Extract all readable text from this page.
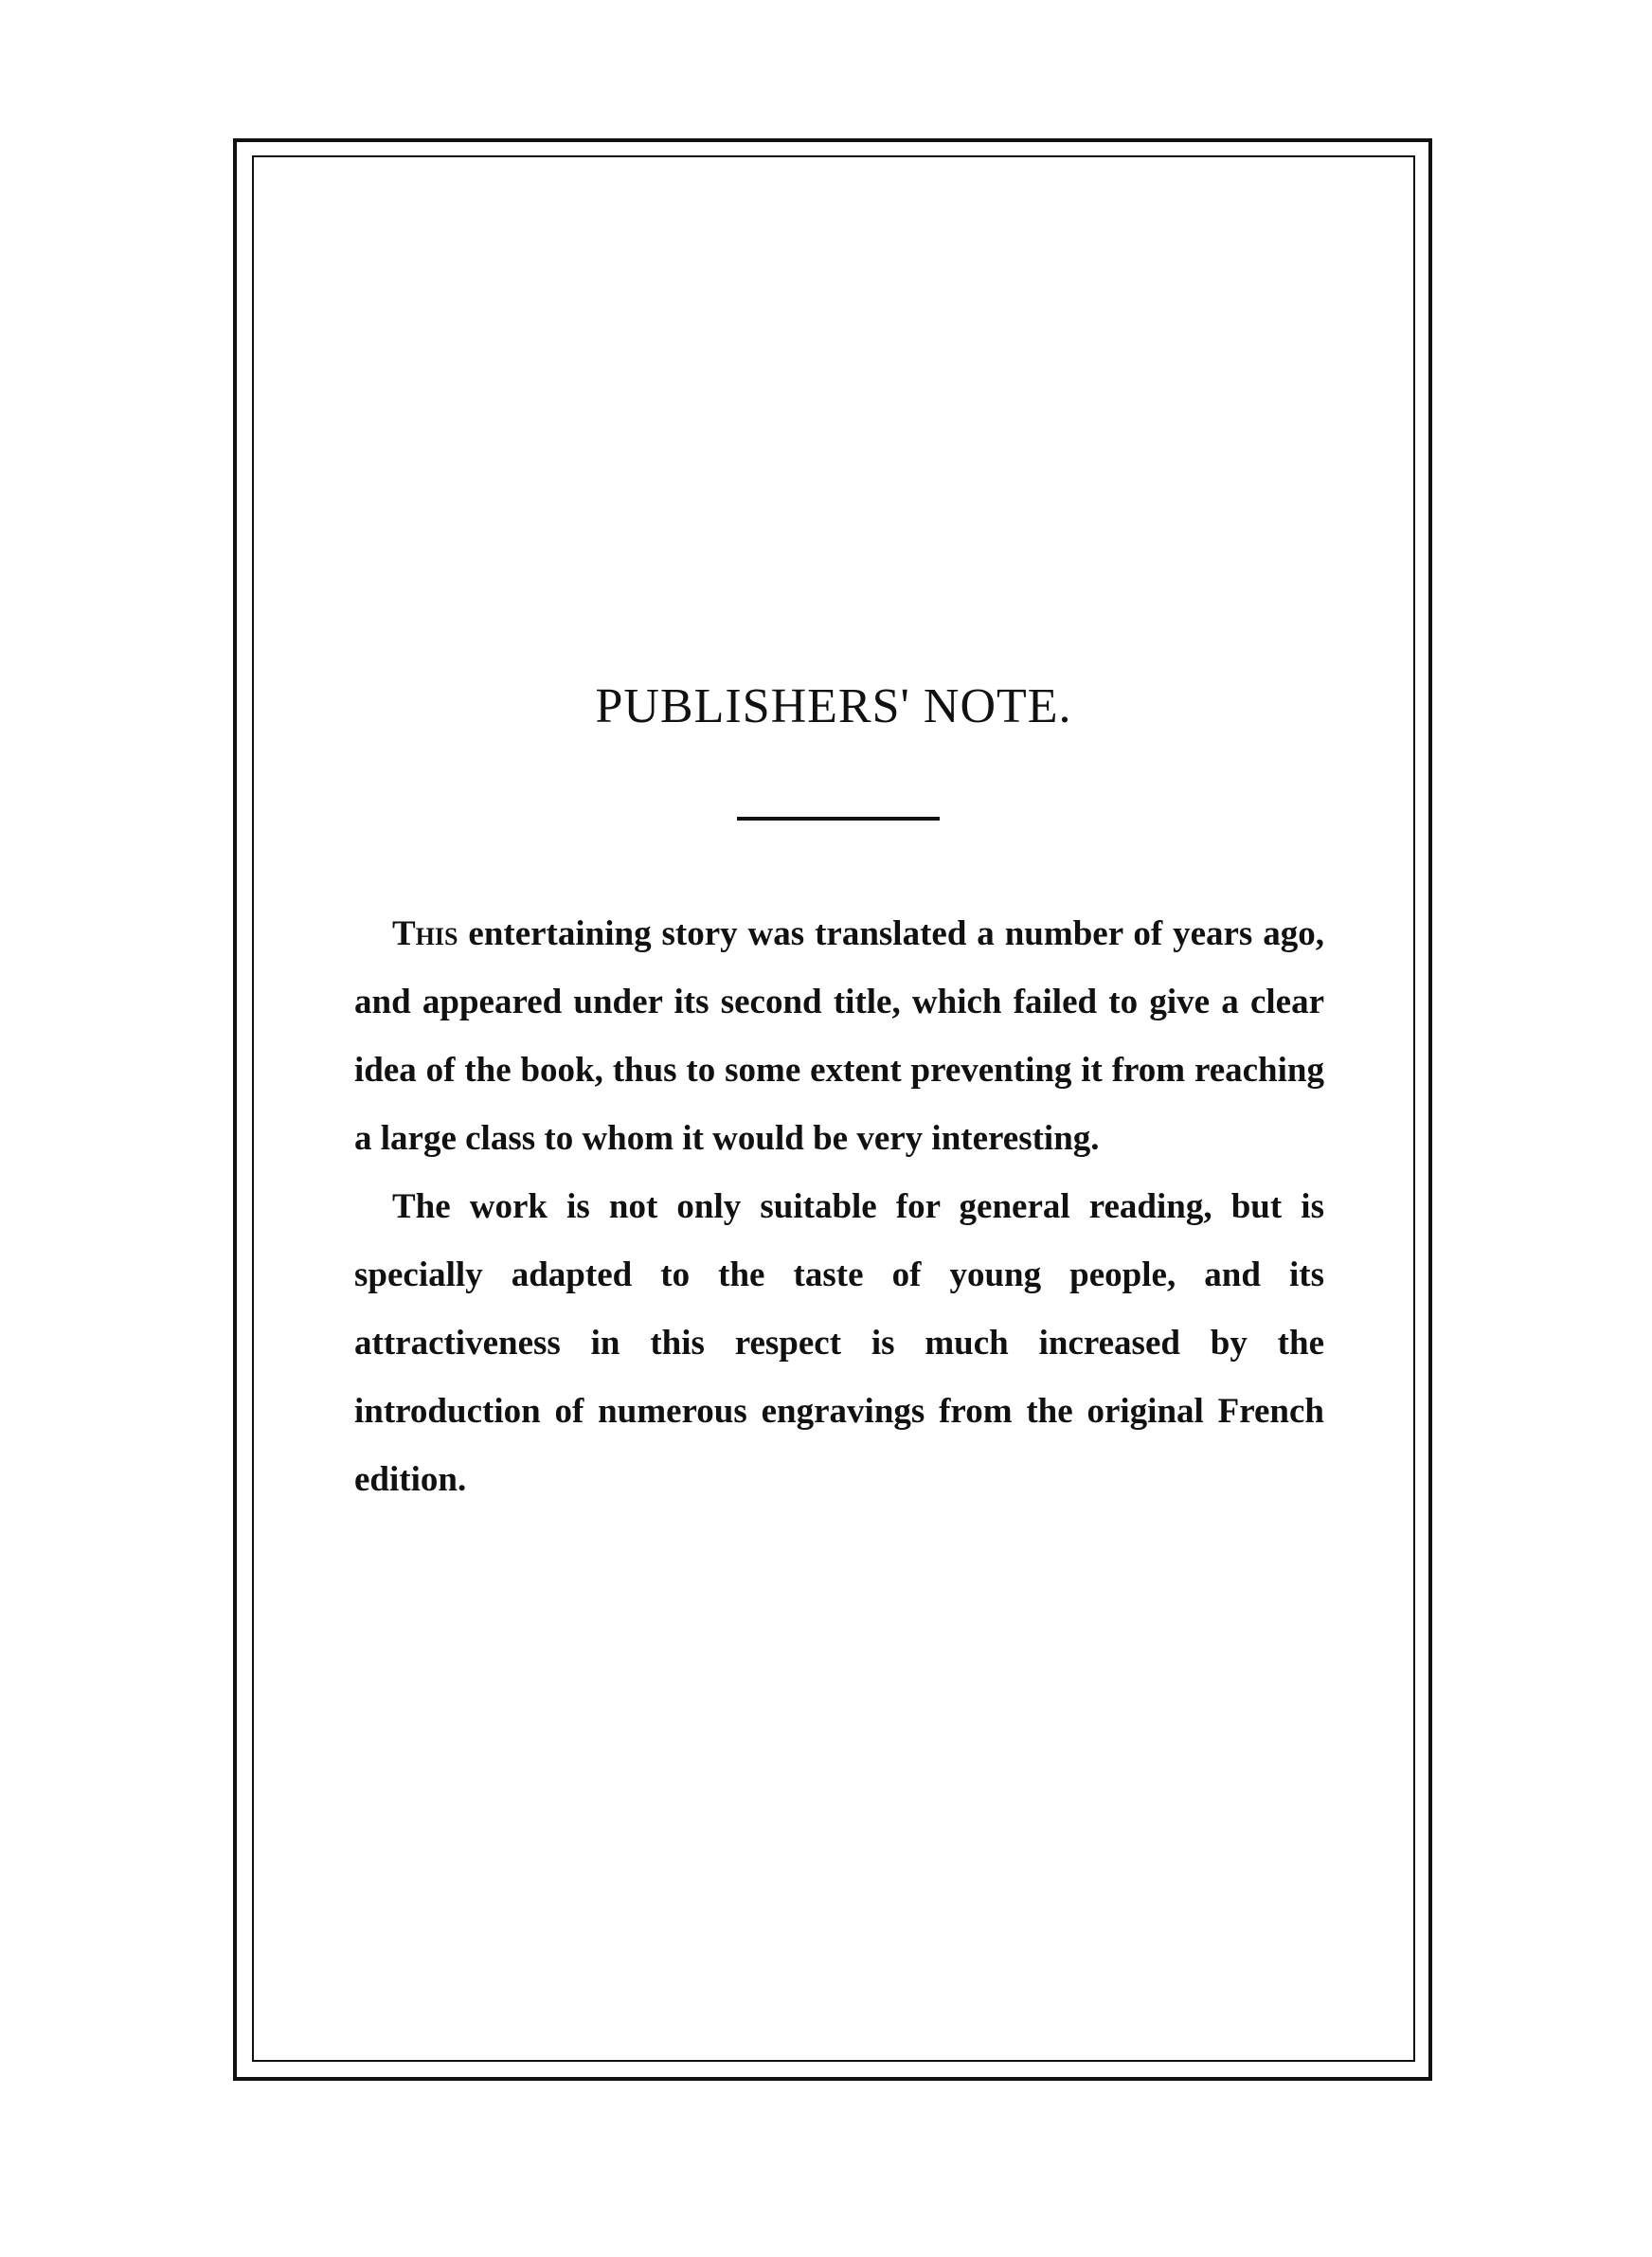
PUBLISHERS' NOTE.

This entertaining story was translated a number of years ago, and appeared under its second title, which failed to give a clear idea of the book, thus to some extent preventing it from reaching a large class to whom it would be very interesting.

The work is not only suitable for general reading, but is specially adapted to the taste of young people, and its attractiveness in this respect is much increased by the introduction of numerous engravings from the original French edition.
